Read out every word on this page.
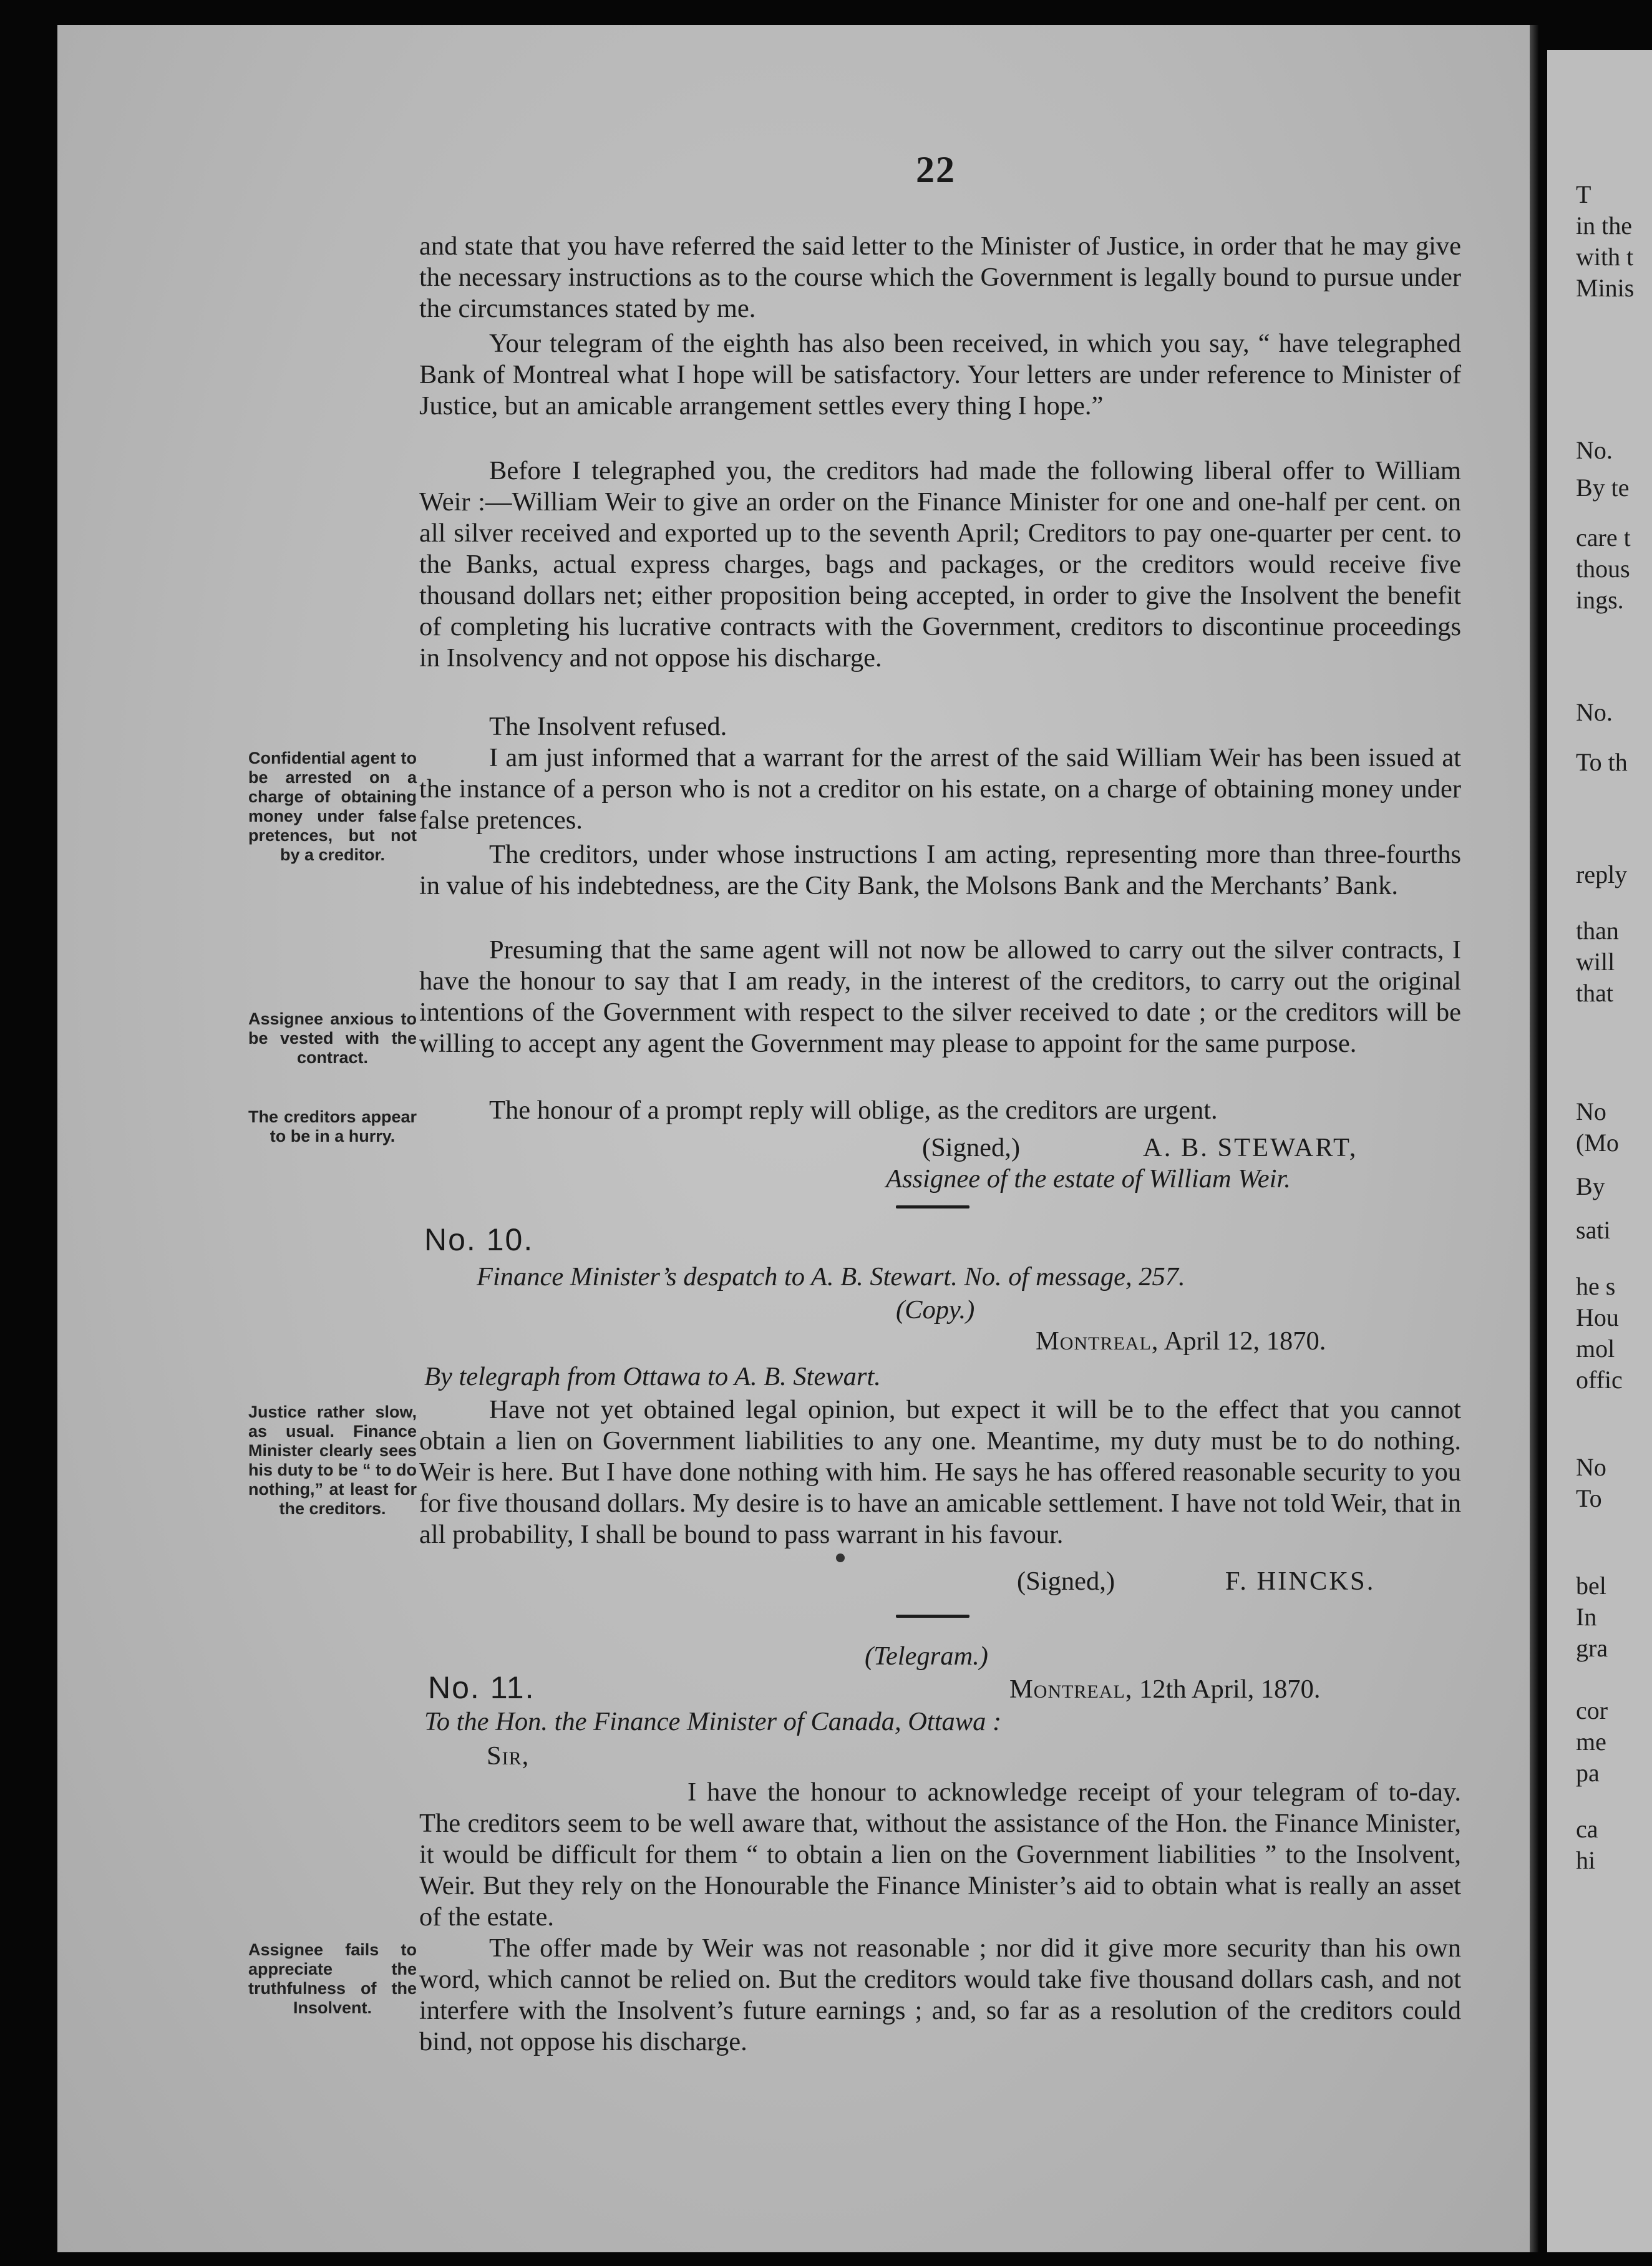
T
in the
with t
Minis
No.
By te
care t
thous
ings.
No.
To th
reply
than
will
that
No
(Mo
By
sati
he s
Hou
mol
offic
No
To
bel
In
gra
cor
me
pa
ca
hi
22

and state that you have referred the said letter to the Minister of Justice, in order that he may give the necessary instructions as to the course which the Government is legally bound to pursue under the circumstances stated by me.

Your telegram of the eighth has also been received, in which you say, “ have telegraphed Bank of Montreal what I hope will be satisfactory. Your letters are under reference to Minister of Justice, but an amicable arrangement settles every thing I hope.”

Before I telegraphed you, the creditors had made the following liberal offer to William Weir :—William Weir to give an order on the Finance Minister for one and one-half per cent. on all silver received and exported up to the seventh April; Creditors to pay one-quarter per cent. to the Banks, actual express charges, bags and packages, or the creditors would receive five thousand dollars net; either proposition being accepted, in order to give the Insolvent the benefit of completing his lucrative contracts with the Government, creditors to discontinue proceedings in Insolvency and not oppose his discharge.

The Insolvent refused.

I am just informed that a warrant for the arrest of the said William Weir has been issued at the instance of a person who is not a creditor on his estate, on a charge of obtaining money under false pretences.

The creditors, under whose instructions I am acting, representing more than three-fourths in value of his indebtedness, are the City Bank, the Molsons Bank and the Merchants’ Bank.

Presuming that the same agent will not now be allowed to carry out the silver contracts, I have the honour to say that I am ready, in the interest of the creditors, to carry out the original intentions of the Government with respect to the silver received to date ; or the creditors will be willing to accept any agent the Government may please to appoint for the same purpose.

The honour of a prompt reply will oblige, as the creditors are urgent.

(Signed,)	A. B. STEWART,
Assignee of the estate of William Weir.
No. 10.
Finance Minister’s despatch to A. B. Stewart. No. of message, 257.
(Copy.)
Montreal, April 12, 1870.
By telegraph from Ottawa to A. B. Stewart.

Have not yet obtained legal opinion, but expect it will be to the effect that you cannot obtain a lien on Government liabilities to any one. Meantime, my duty must be to do nothing. Weir is here. But I have done nothing with him. He says he has offered reasonable security to you for five thousand dollars. My desire is to have an amicable settlement. I have not told Weir, that in all probability, I shall be bound to pass warrant in his favour.

(Signed,)	F. HINCKS.
(Telegram.)
No. 11.	Montreal, 12th April, 1870.
To the Hon. the Finance Minister of Canada, Ottawa :
Sir,

I have the honour to acknowledge receipt of your telegram of to-day. The creditors seem to be well aware that, without the assistance of the Hon. the Finance Minister, it would be difficult for them “ to obtain a lien on the Government liabilities ” to the Insolvent, Weir. But they rely on the Honourable the Finance Minister’s aid to obtain what is really an asset of the estate.

The offer made by Weir was not reasonable ; nor did it give more security than his own word, which cannot be relied on. But the creditors would take five thousand dollars cash, and not interfere with the Insolvent’s future earnings ; and, so far as a resolution of the creditors could bind, not oppose his discharge.

Confidential agent to be arrested on a charge of obtaining money under false pretences, but not by a creditor.
Assignee anxious to be vested with the contract.
The creditors appear to be in a hurry.
Justice rather slow, as usual. Finance Minister clearly sees his duty to be “ to do nothing,” at least for the creditors.
Assignee fails to appreciate the truthfulness of the Insolvent.
